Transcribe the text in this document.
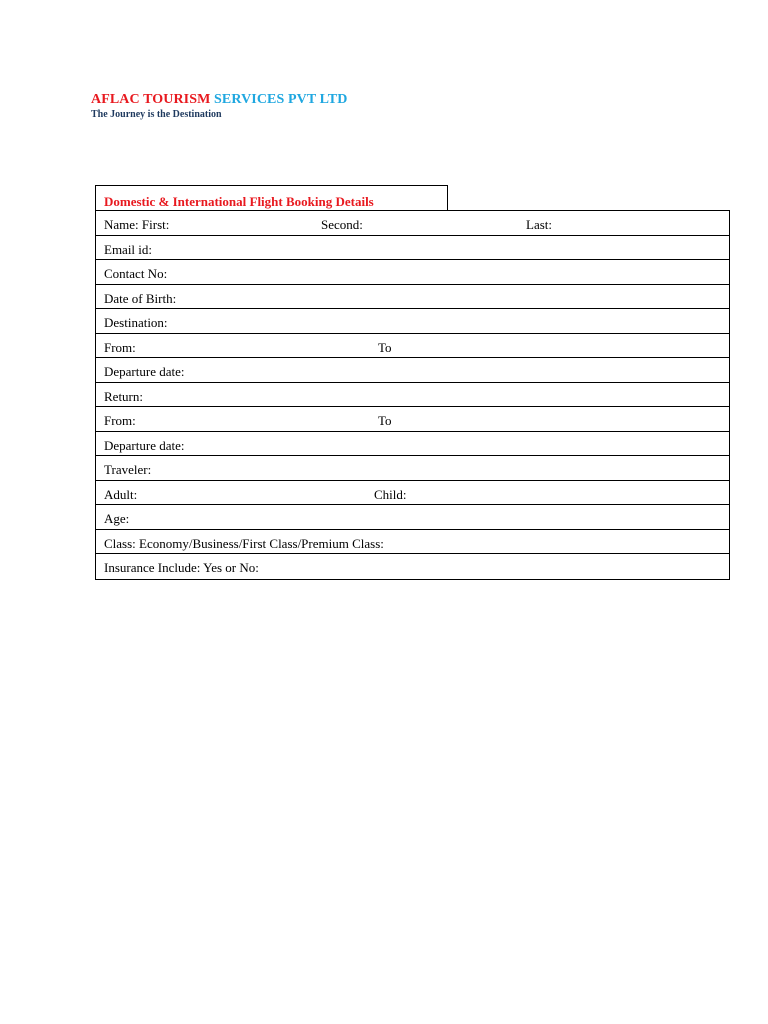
AFLAC TOURISM SERVICES PVT LTD
The Journey is the Destination
Domestic & International Flight Booking Details
Name: First:	Second:	Last:
Email id:
Contact No:
Date of Birth:
Destination:
From:	To
Departure date:
Return:
From:	To
Departure date:
Traveler:
Adult:	Child:
Age:
Class: Economy/Business/First Class/Premium Class:
Insurance Include: Yes or No:
